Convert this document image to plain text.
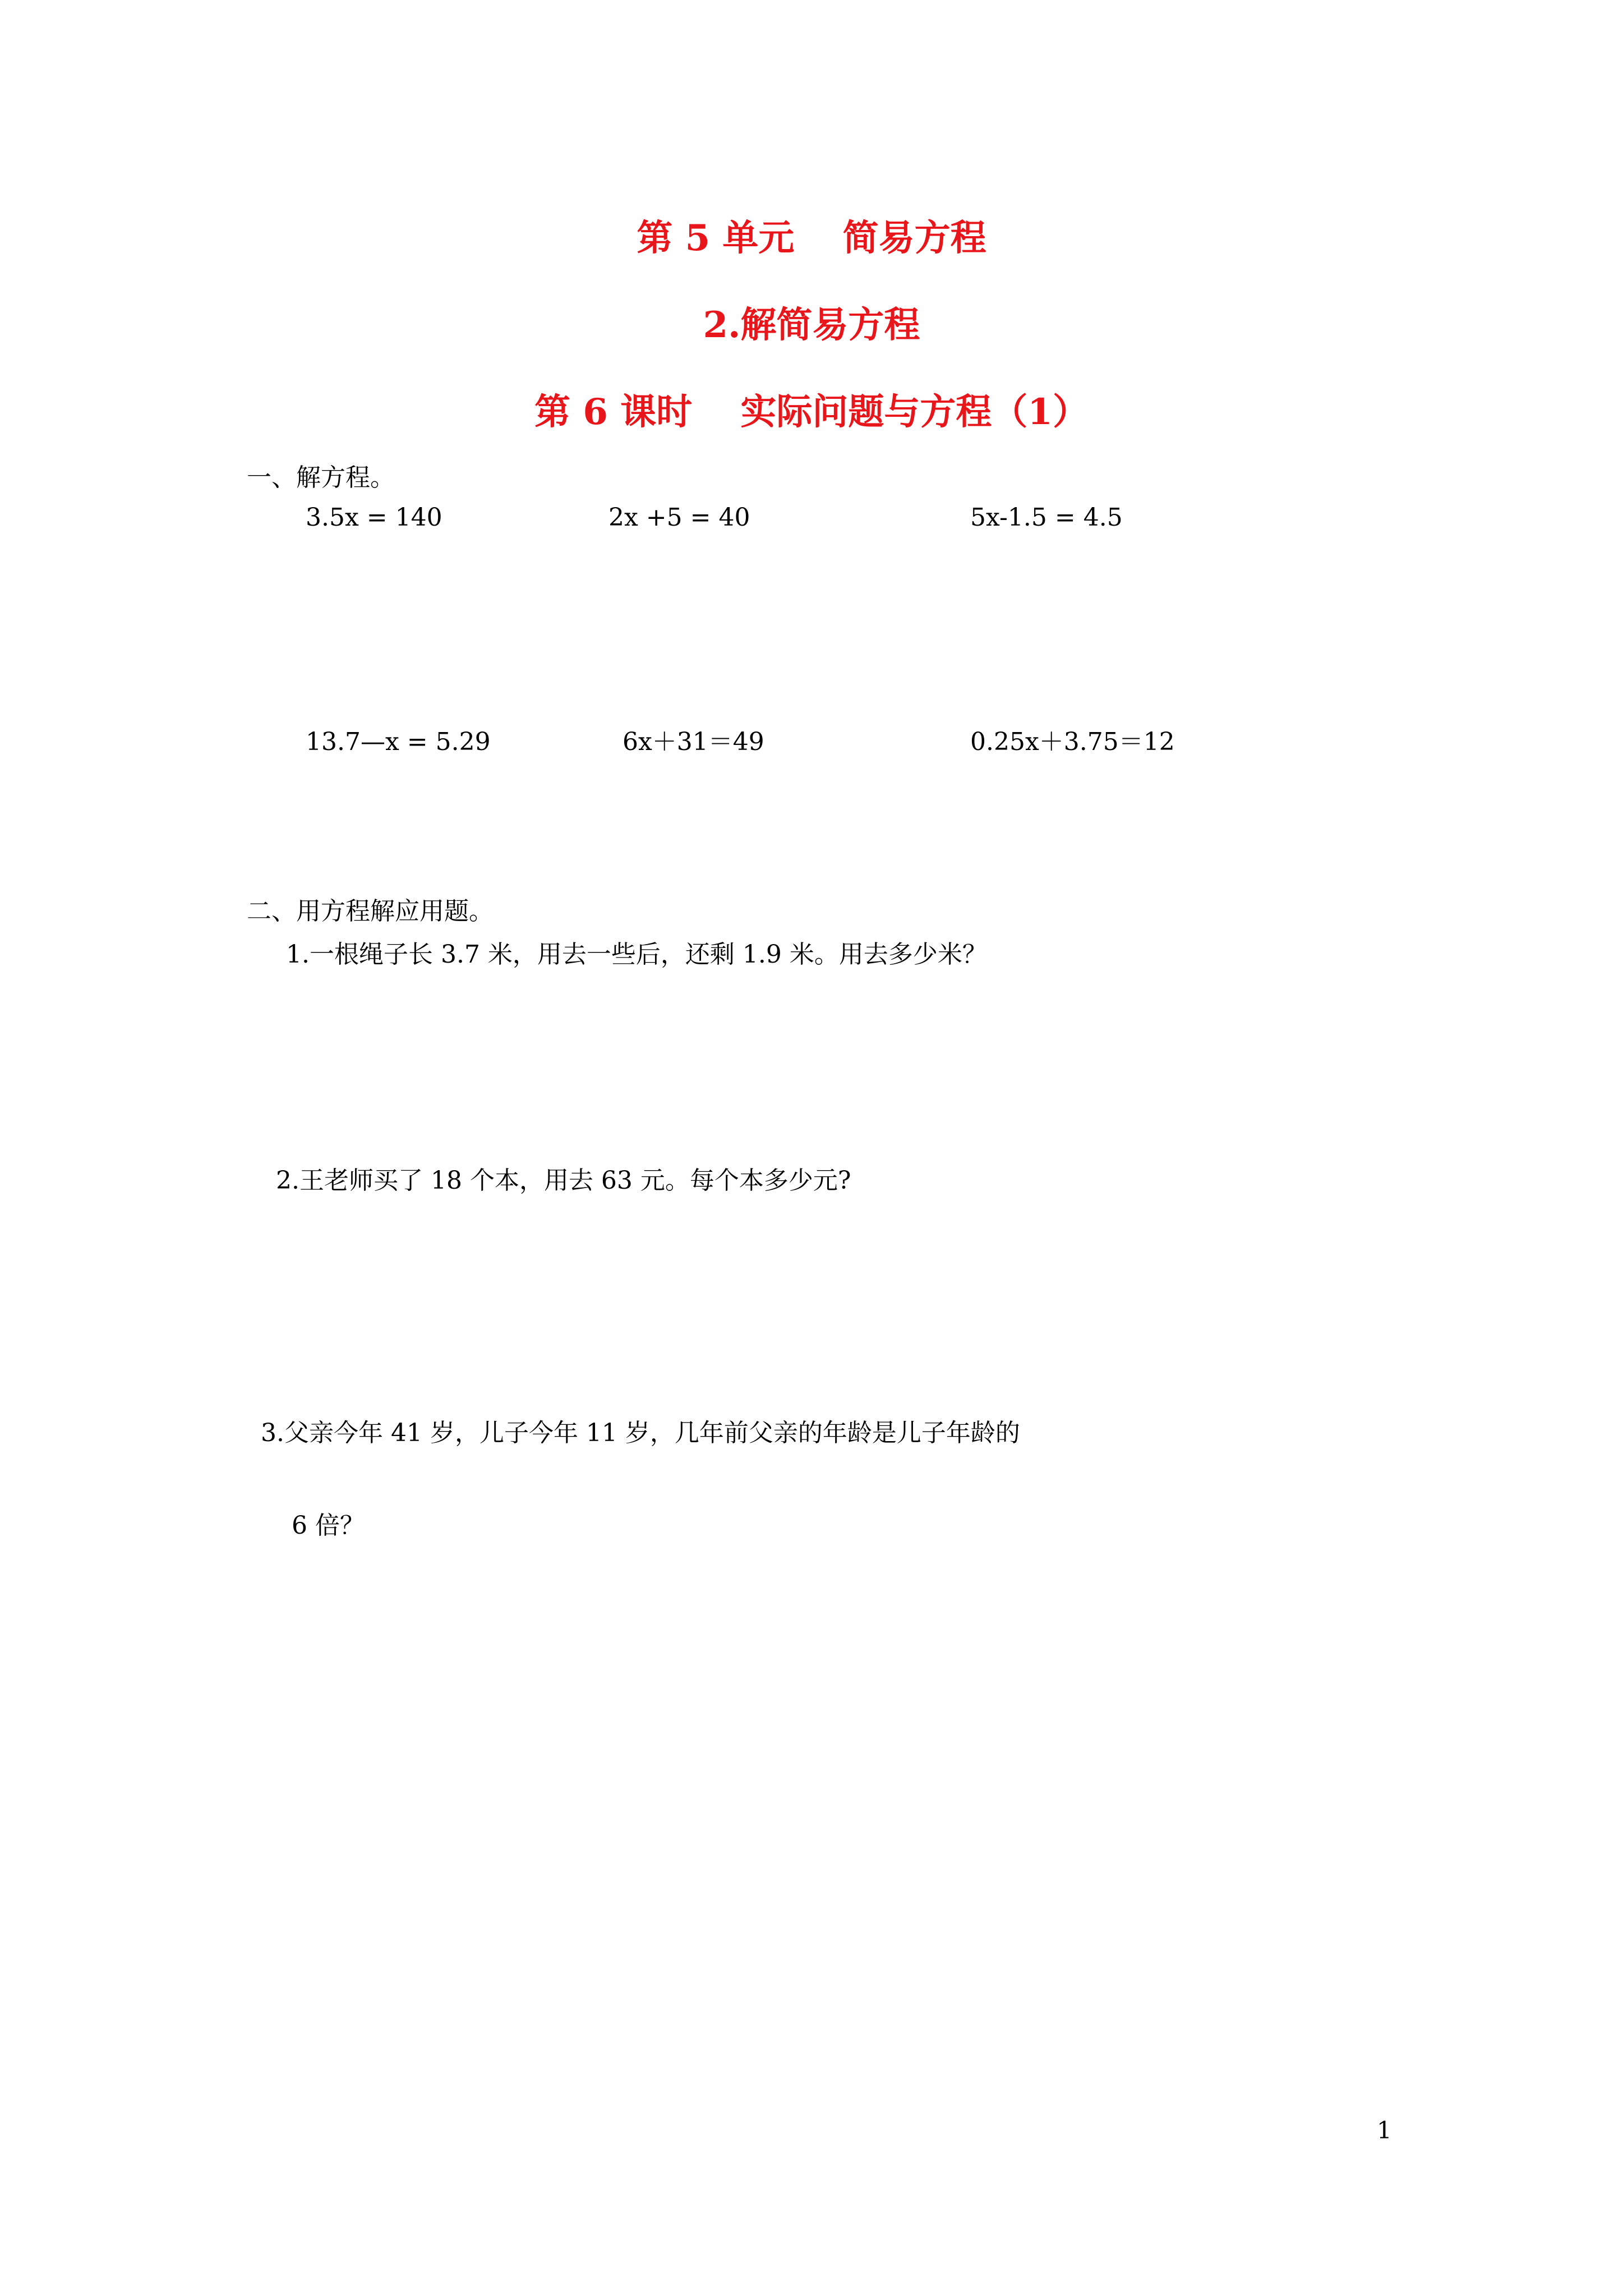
第 5 单元　 简易方程
2.解简易方程
第 6 课时　 实际问题与方程（1）
一、解方程。
3.5x = 140	2x +5 = 40	5x-1.5 = 4.5
13.7—x = 5.29	6x＋31＝49	0.25x＋3.75＝12
二、用方程解应用题。
1.一根绳子长 3.7 米，用去一些后，还剩 1.9 米。用去多少米？
2.王老师买了 18 个本，用去 63 元。每个本多少元?
3.父亲今年 41 岁，儿子今年 11 岁，几年前父亲的年龄是儿子年龄的
6 倍？
1
